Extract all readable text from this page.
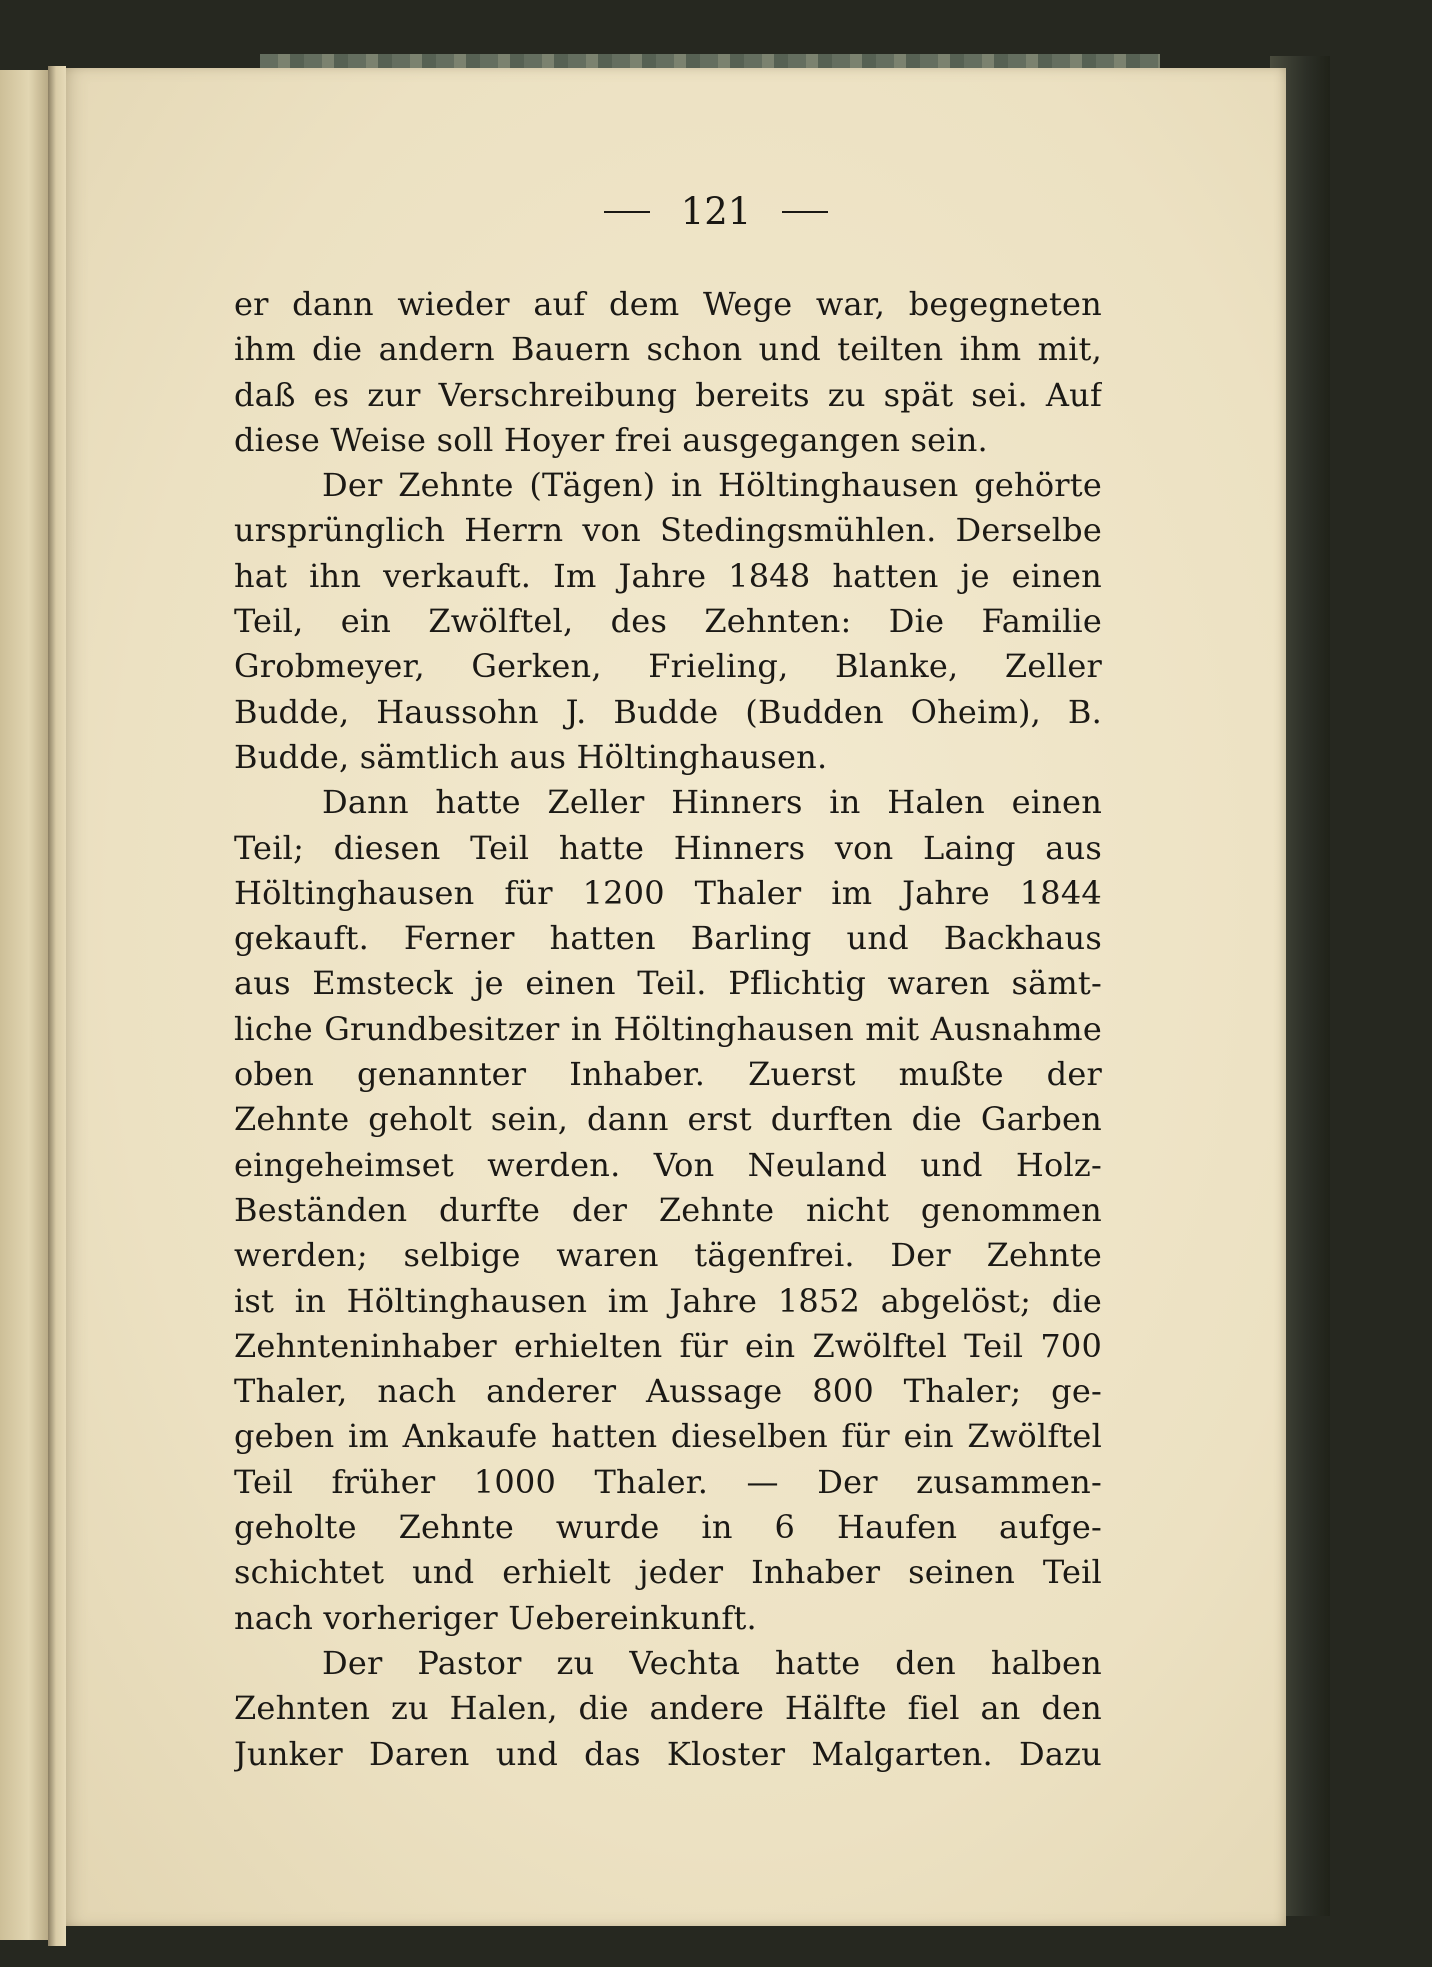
121
er dann wieder auf dem Wege war, begegneten
ihm die andern Bauern schon und teilten ihm mit,
daß es zur Verschreibung bereits zu spät sei. Auf
diese Weise soll Hoyer frei ausgegangen sein.
Der Zehnte (Tägen) in Höltinghausen gehörte
ursprünglich Herrn von Stedingsmühlen. Derselbe
hat ihn verkauft. Im Jahre 1848 hatten je einen
Teil, ein Zwölftel, des Zehnten: Die Familie
Grobmeyer, Gerken, Frieling, Blanke, Zeller
Budde, Haussohn J. Budde (Budden Oheim), B.
Budde, sämtlich aus Höltinghausen.
Dann hatte Zeller Hinners in Halen einen
Teil; diesen Teil hatte Hinners von Laing aus
Höltinghausen für 1200 Thaler im Jahre 1844
gekauft. Ferner hatten Barling und Backhaus
aus Emsteck je einen Teil. Pflichtig waren sämt-
liche Grundbesitzer in Höltinghausen mit Ausnahme
oben genannter Inhaber. Zuerst mußte der
Zehnte geholt sein, dann erst durften die Garben
eingeheimset werden. Von Neuland und Holz-
Beständen durfte der Zehnte nicht genommen
werden; selbige waren tägenfrei. Der Zehnte
ist in Höltinghausen im Jahre 1852 abgelöst; die
Zehnteninhaber erhielten für ein Zwölftel Teil 700
Thaler, nach anderer Aussage 800 Thaler; ge-
geben im Ankaufe hatten dieselben für ein Zwölftel
Teil früher 1000 Thaler. — Der zusammen-
geholte Zehnte wurde in 6 Haufen aufge-
schichtet und erhielt jeder Inhaber seinen Teil
nach vorheriger Uebereinkunft.
Der Pastor zu Vechta hatte den halben
Zehnten zu Halen, die andere Hälfte fiel an den
Junker Daren und das Kloster Malgarten. Dazu
